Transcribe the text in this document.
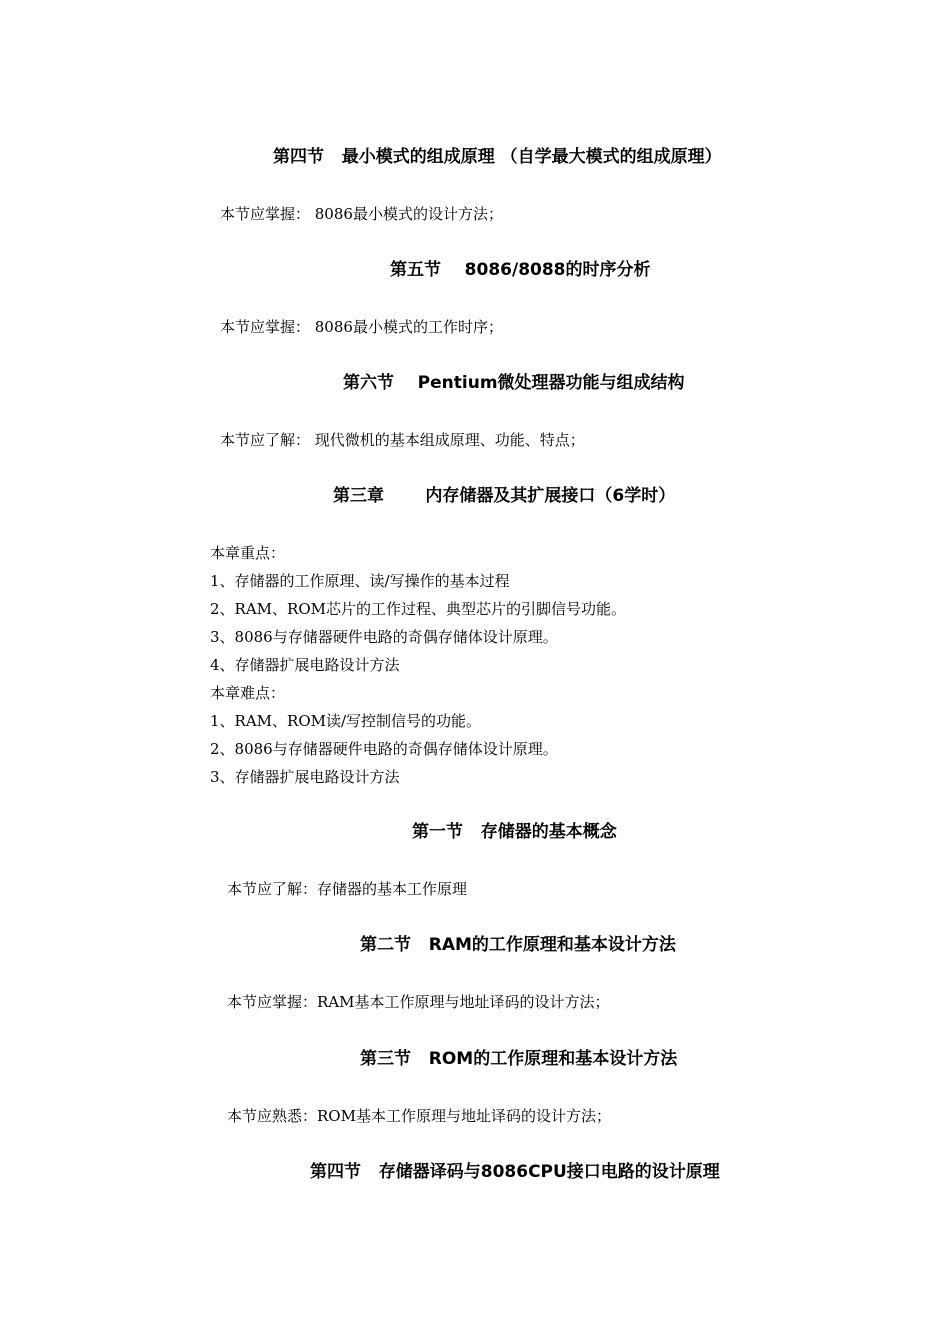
第四节   最小模式的组成原理 （自学最大模式的组成原理）
本节应掌握： 8086最小模式的设计方法；
第五节    8086/8088的时序分析
本节应掌握： 8086最小模式的工作时序；
第六节    Pentium微处理器功能与组成结构
本节应了解： 现代微机的基本组成原理、功能、特点；
第三章       内存储器及其扩展接口（6学时）
本章重点：
1、存储器的工作原理、读/写操作的基本过程
2、RAM、ROM芯片的工作过程、典型芯片的引脚信号功能。
3、8086与存储器硬件电路的奇偶存储体设计原理。
4、存储器扩展电路设计方法
本章难点：
1、RAM、ROM读/写控制信号的功能。
2、8086与存储器硬件电路的奇偶存储体设计原理。
3、存储器扩展电路设计方法
第一节   存储器的基本概念
本节应了解：存储器的基本工作原理
第二节   RAM的工作原理和基本设计方法
本节应掌握：RAM基本工作原理与地址译码的设计方法；
第三节   ROM的工作原理和基本设计方法
本节应熟悉：ROM基本工作原理与地址译码的设计方法；
第四节   存储器译码与8086CPU接口电路的设计原理
